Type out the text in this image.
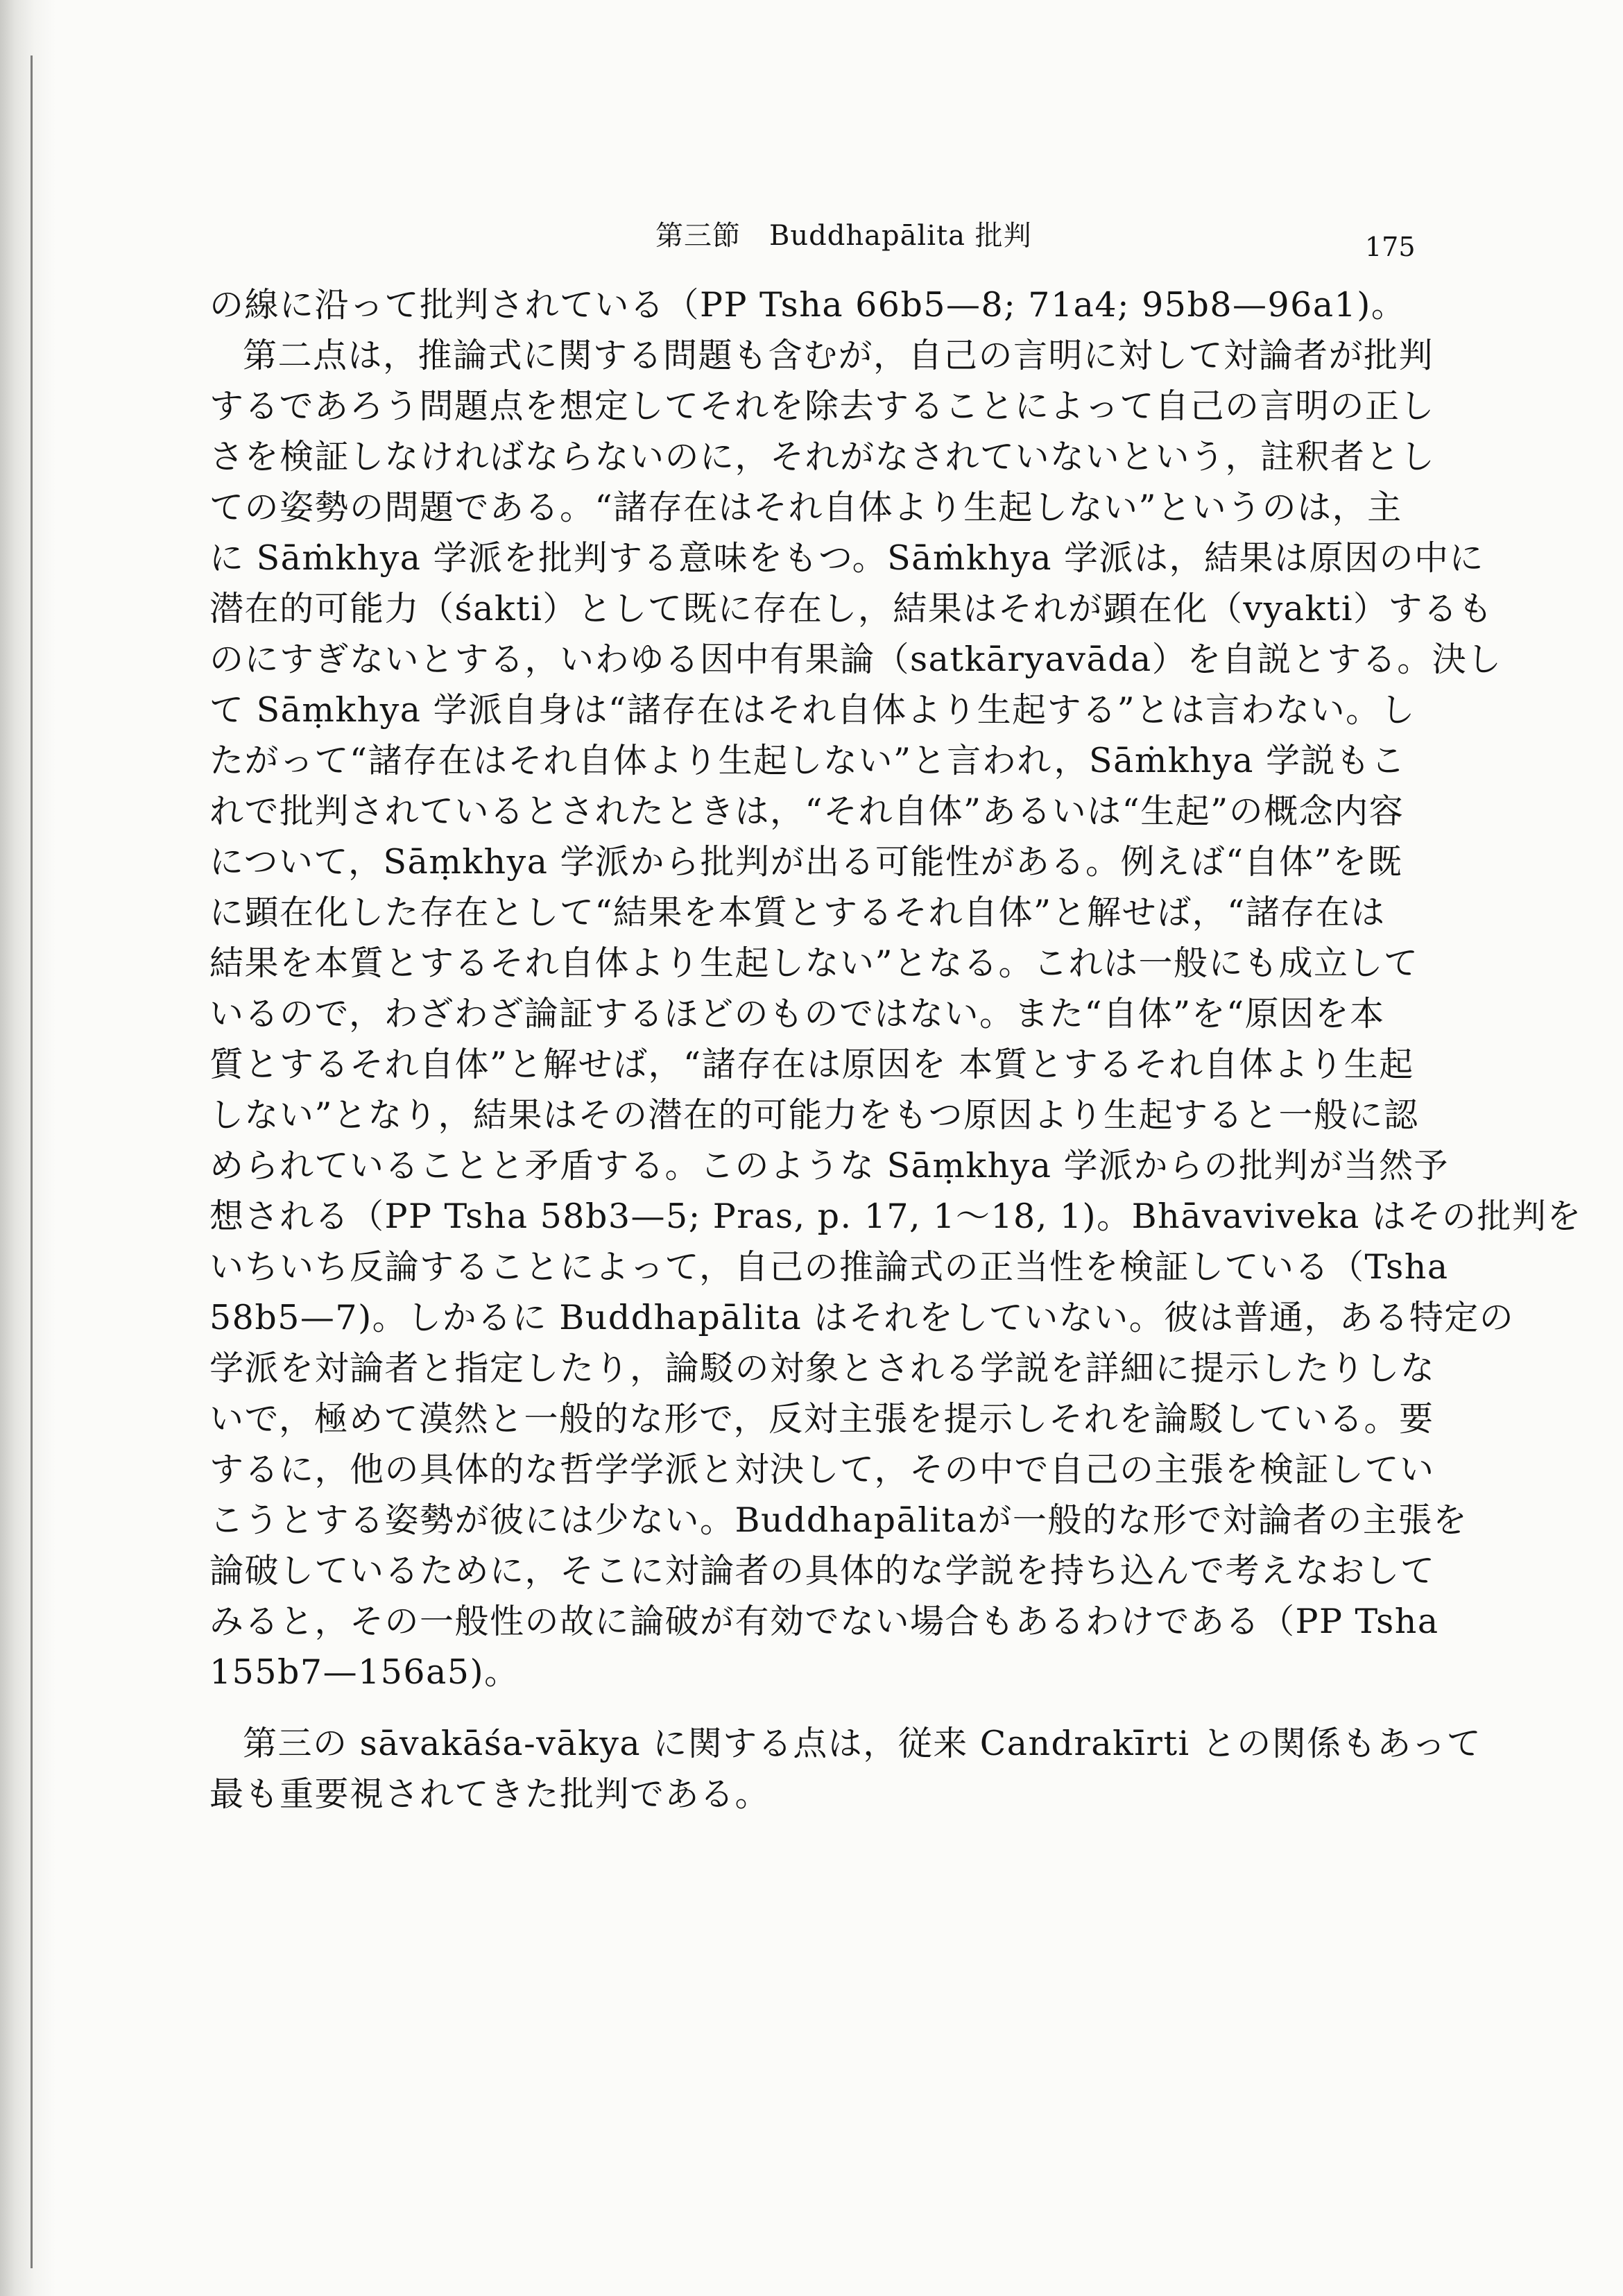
第三節　Buddhapālita 批判	175
の線に沿って批判されている（PP Tsha 66b5—8; 71a4; 95b8—96a1)。
第二点は，推論式に関する問題も含むが，自己の言明に対して対論者が批判
するであろう問題点を想定してそれを除去することによって自己の言明の正し
さを検証しなければならないのに，それがなされていないという，註釈者とし
ての姿勢の問題である。“諸存在はそれ自体より生起しない”というのは，主
に Sāṁkhya 学派を批判する意味をもつ。Sāṁkhya 学派は，結果は原因の中に
潜在的可能力（śakti）として既に存在し，結果はそれが顕在化（vyakti）するも
のにすぎないとする，いわゆる因中有果論（satkāryavāda）を自説とする。決し
て Sāṃkhya 学派自身は“諸存在はそれ自体より生起する”とは言わない。し
たがって“諸存在はそれ自体より生起しない”と言われ，Sāṁkhya 学説もこ
れで批判されているとされたときは，“それ自体”あるいは“生起”の概念内容
について，Sāṃkhya 学派から批判が出る可能性がある。例えば“自体”を既
に顕在化した存在として“結果を本質とするそれ自体”と解せば，“諸存在は
結果を本質とするそれ自体より生起しない”となる。これは一般にも成立して
いるので，わざわざ論証するほどのものではない。また“自体”を“原因を本
質とするそれ自体”と解せば，“諸存在は原因を 本質とするそれ自体より生起
しない”となり，結果はその潜在的可能力をもつ原因より生起すると一般に認
められていることと矛盾する。このような Sāṃkhya 学派からの批判が当然予
想される（PP Tsha 58b3—5; Pras, p. 17, 1〜18, 1)。Bhāvaviveka はその批判を
いちいち反論することによって，自己の推論式の正当性を検証している（Tsha
58b5—7)。しかるに Buddhapālita はそれをしていない。彼は普通，ある特定の
学派を対論者と指定したり，論駁の対象とされる学説を詳細に提示したりしな
いで，極めて漠然と一般的な形で，反対主張を提示しそれを論駁している。要
するに，他の具体的な哲学学派と対決して，その中で自己の主張を検証してい
こうとする姿勢が彼には少ない。Buddhapālitaが一般的な形で対論者の主張を
論破しているために，そこに対論者の具体的な学説を持ち込んで考えなおして
みると，その一般性の故に論破が有効でない場合もあるわけである（PP Tsha
155b7—156a5)。
第三の sāvakāśa-vākya に関する点は，従来 Candrakīrti との関係もあって
最も重要視されてきた批判である。
